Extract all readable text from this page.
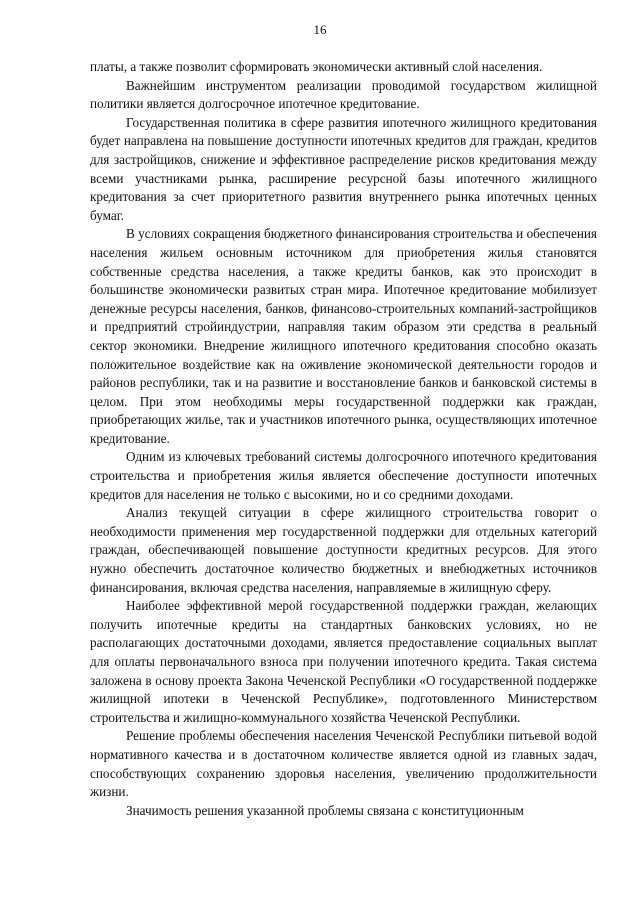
16

платы, а также позволит сформировать экономически активный слой населения.

Важнейшим инструментом реализации проводимой государством жилищной политики является долгосрочное ипотечное кредитование.

Государственная политика в сфере развития ипотечного жилищного кредитования будет направлена на повышение доступности ипотечных кредитов для граждан, кредитов для застройщиков, снижение и эффективное распределение рисков кредитования между всеми участниками рынка, расширение ресурсной базы ипотечного жилищного кредитования за счет приоритетного развития внутреннего рынка ипотечных ценных бумаг.

В условиях сокращения бюджетного финансирования строительства и обеспечения населения жильем основным источником для приобретения жилья становятся собственные средства населения, а также кредиты банков, как это происходит в большинстве экономически развитых стран мира. Ипотечное кредитование мобилизует денежные ресурсы населения, банков, финансово-строительных компаний-застройщиков и предприятий стройиндустрии, направляя таким образом эти средства в реальный сектор экономики. Внедрение жилищного ипотечного кредитования способно оказать положительное воздействие как на оживление экономической деятельности городов и районов республики, так и на развитие и восстановление банков и банковской системы в целом. При этом необходимы меры государственной поддержки как граждан, приобретающих жилье, так и участников ипотечного рынка, осуществляющих ипотечное кредитование.

Одним из ключевых требований системы долгосрочного ипотечного кредитования строительства и приобретения жилья является обеспечение доступности ипотечных кредитов для населения не только с высокими, но и со средними доходами.

Анализ текущей ситуации в сфере жилищного строительства говорит о необходимости применения мер государственной поддержки для отдельных категорий граждан, обеспечивающей повышение доступности кредитных ресурсов. Для этого нужно обеспечить достаточное количество бюджетных и внебюджетных источников финансирования, включая средства населения, направляемые в жилищную сферу.

Наиболее эффективной мерой государственной поддержки граждан, желающих получить ипотечные кредиты на стандартных банковских условиях, но не располагающих достаточными доходами, является предоставление социальных выплат для оплаты первоначального взноса при получении ипотечного кредита. Такая система заложена в основу проекта Закона Чеченской Республики «О государственной поддержке жилищной ипотеки в Чеченской Республике», подготовленного Министерством строительства и жилищно-коммунального хозяйства Чеченской Республики.

Решение проблемы обеспечения населения Чеченской Республики питьевой водой нормативного качества и в достаточном количестве является одной из главных задач, способствующих сохранению здоровья населения, увеличению продолжительности жизни.

Значимость решения указанной проблемы связана с конституционным
